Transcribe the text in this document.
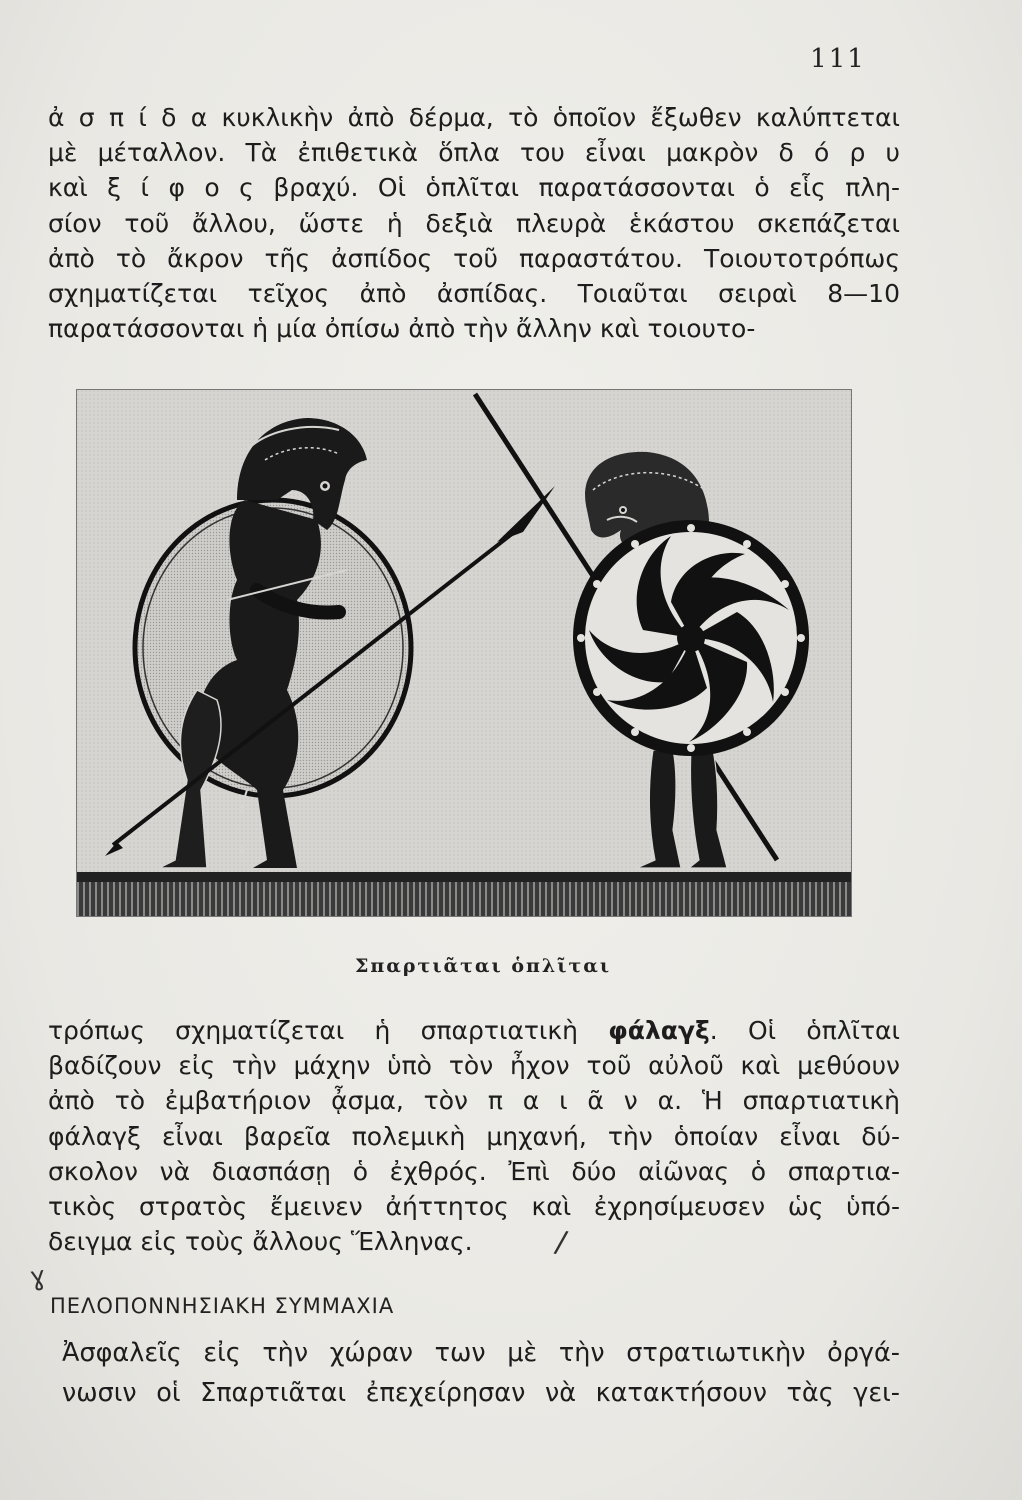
111
ἀ σ π ί δ α κυκλικὴν ἀπὸ δέρμα, τὸ ὁποῖον ἔξωθεν καλύπτεται
μὲ μέταλλον. Τὰ ἐπιθετικὰ ὅπλα του εἶναι μακρὸν δ ό ρ υ
καὶ ξ ί φ ο ς βραχύ. Οἱ ὁπλῖται παρατάσσονται ὁ εἷς πλη-
σίον τοῦ ἄλλου, ὥστε ἡ δεξιὰ πλευρὰ ἑκάστου σκεπάζεται
ἀπὸ τὸ ἄκρον τῆς ἀσπίδος τοῦ παραστάτου. Τοιουτοτρόπως
σχηματίζεται τεῖχος ἀπὸ ἀσπίδας. Τοιαῦται σειραὶ 8—10
παρατάσσονται ἡ μία ὀπίσω ἀπὸ τὴν ἄλλην καὶ τοιουτο-
Σπαρτιᾶται ὁπλῖται
τρόπως σχηματίζεται ἡ σπαρτιατικὴ φάλαγξ. Οἱ ὁπλῖται
βαδίζουν εἰς τὴν μάχην ὑπὸ τὸν ἦχον τοῦ αὐλοῦ καὶ μεθύουν
ἀπὸ τὸ ἐμβατήριον ᾆσμα, τὸν π α ι ᾶ ν α. Ἡ σπαρτιατικὴ
φάλαγξ εἶναι βαρεῖα πολεμικὴ μηχανή, τὴν ὁποίαν εἶναι δύ-
σκολον νὰ διασπάσῃ ὁ ἐχθρός. Ἐπὶ δύο αἰῶνας ὁ σπαρτια-
τικὸς στρατὸς ἔμεινεν ἀήττητος καὶ ἐχρησίμευσεν ὡς ὑπό-
δειγμα εἰς τοὺς ἄλλους Ἕλληνας.	/
ɣ
ΠΕΛΟΠΟΝΝΗΣΙΑΚΗ ΣΥΜΜΑΧΙΑ
Ἀσφαλεῖς εἰς τὴν χώραν των μὲ τὴν στρατιωτικὴν ὀργά-
νωσιν οἱ Σπαρτιᾶται ἐπεχείρησαν νὰ κατακτήσουν τὰς γει-
